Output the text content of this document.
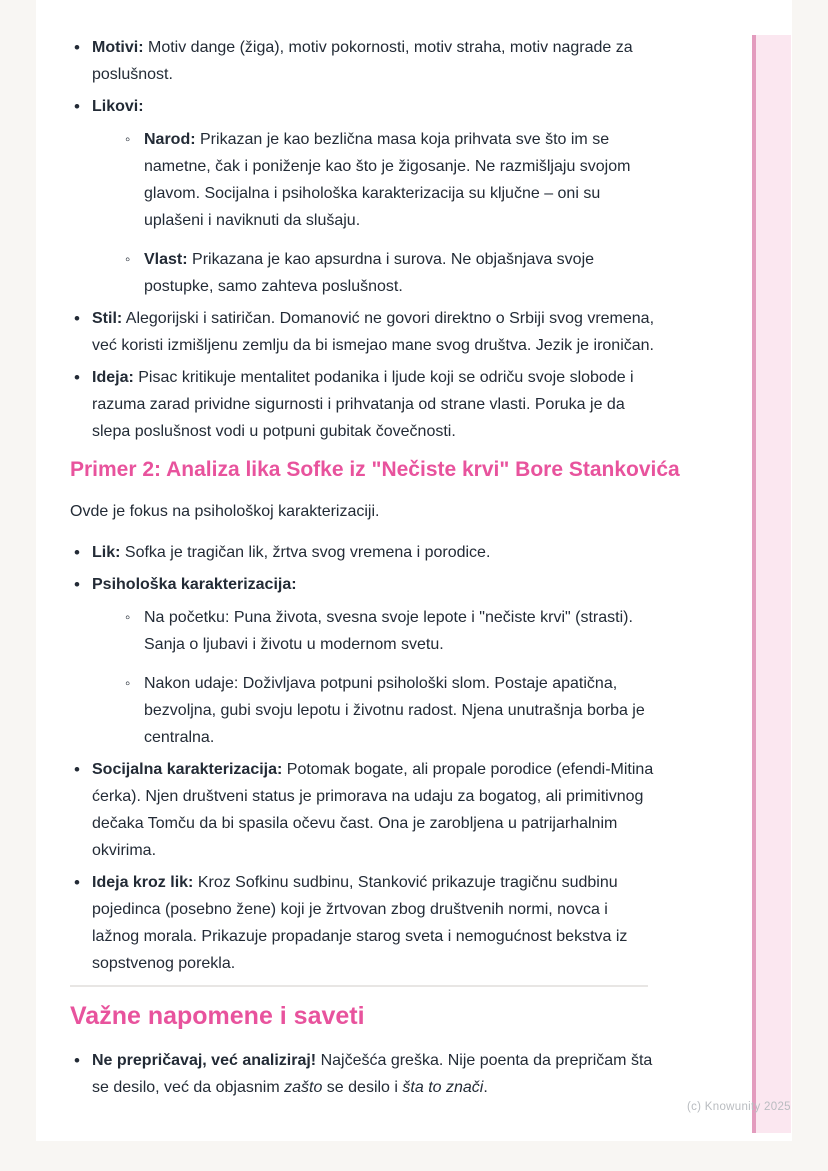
• Motivi: Motiv dange (žiga), motiv pokornosti, motiv straha, motiv nagrade za poslušnost.
• Likovi:
◦ Narod: Prikazan je kao bezlična masa koja prihvata sve što im se nametne, čak i poniženje kao što je žigosanje. Ne razmišljaju svojom glavom. Socijalna i psihološka karakterizacija su ključne – oni su uplašeni i naviknuti da slušaju.
◦ Vlast: Prikazana je kao apsurdna i surova. Ne objašnjava svoje postupke, samo zahteva poslušnost.
• Stil: Alegorijski i satiričan. Domanović ne govori direktno o Srbiji svog vremena, već koristi izmišljenu zemlju da bi ismejao mane svog društva. Jezik je ironičan.
• Ideja: Pisac kritikuje mentalitet podanika i ljude koji se odriču svoje slobode i razuma zarad prividne sigurnosti i prihvatanja od strane vlasti. Poruka je da slepa poslušnost vodi u potpuni gubitak čovečnosti.
Primer 2: Analiza lika Sofke iz "Nečiste krvi" Bore Stankovića

Ovde je fokus na psihološkoj karakterizaciji.

• Lik: Sofka je tragičan lik, žrtva svog vremena i porodice.
• Psihološka karakterizacija:
◦ Na početku: Puna života, svesna svoje lepote i "nečiste krvi" (strasti). Sanja o ljubavi i životu u modernom svetu.
◦ Nakon udaje: Doživljava potpuni psihološki slom. Postaje apatična, bezvoljna, gubi svoju lepotu i životnu radost. Njena unutrašnja borba je centralna.
• Socijalna karakterizacija: Potomak bogate, ali propale porodice (efendi-Mitina ćerka). Njen društveni status je primorava na udaju za bogatog, ali primitivnog dečaka Tomču da bi spasila očevu čast. Ona je zarobljena u patrijarhalnim okvirima.
• Ideja kroz lik: Kroz Sofkinu sudbinu, Stanković prikazuje tragičnu sudbinu pojedinca (posebno žene) koji je žrtvovan zbog društvenih normi, novca i lažnog morala. Prikazuje propadanje starog sveta i nemogućnost bekstva iz sopstvenog porekla.
Važne napomene i saveti
• Ne prepričavaj, već analiziraj! Najčešća greška. Nije poenta da prepričam šta se desilo, već da objasnim zašto se desilo i šta to znači.
(c) Knowunity 2025
